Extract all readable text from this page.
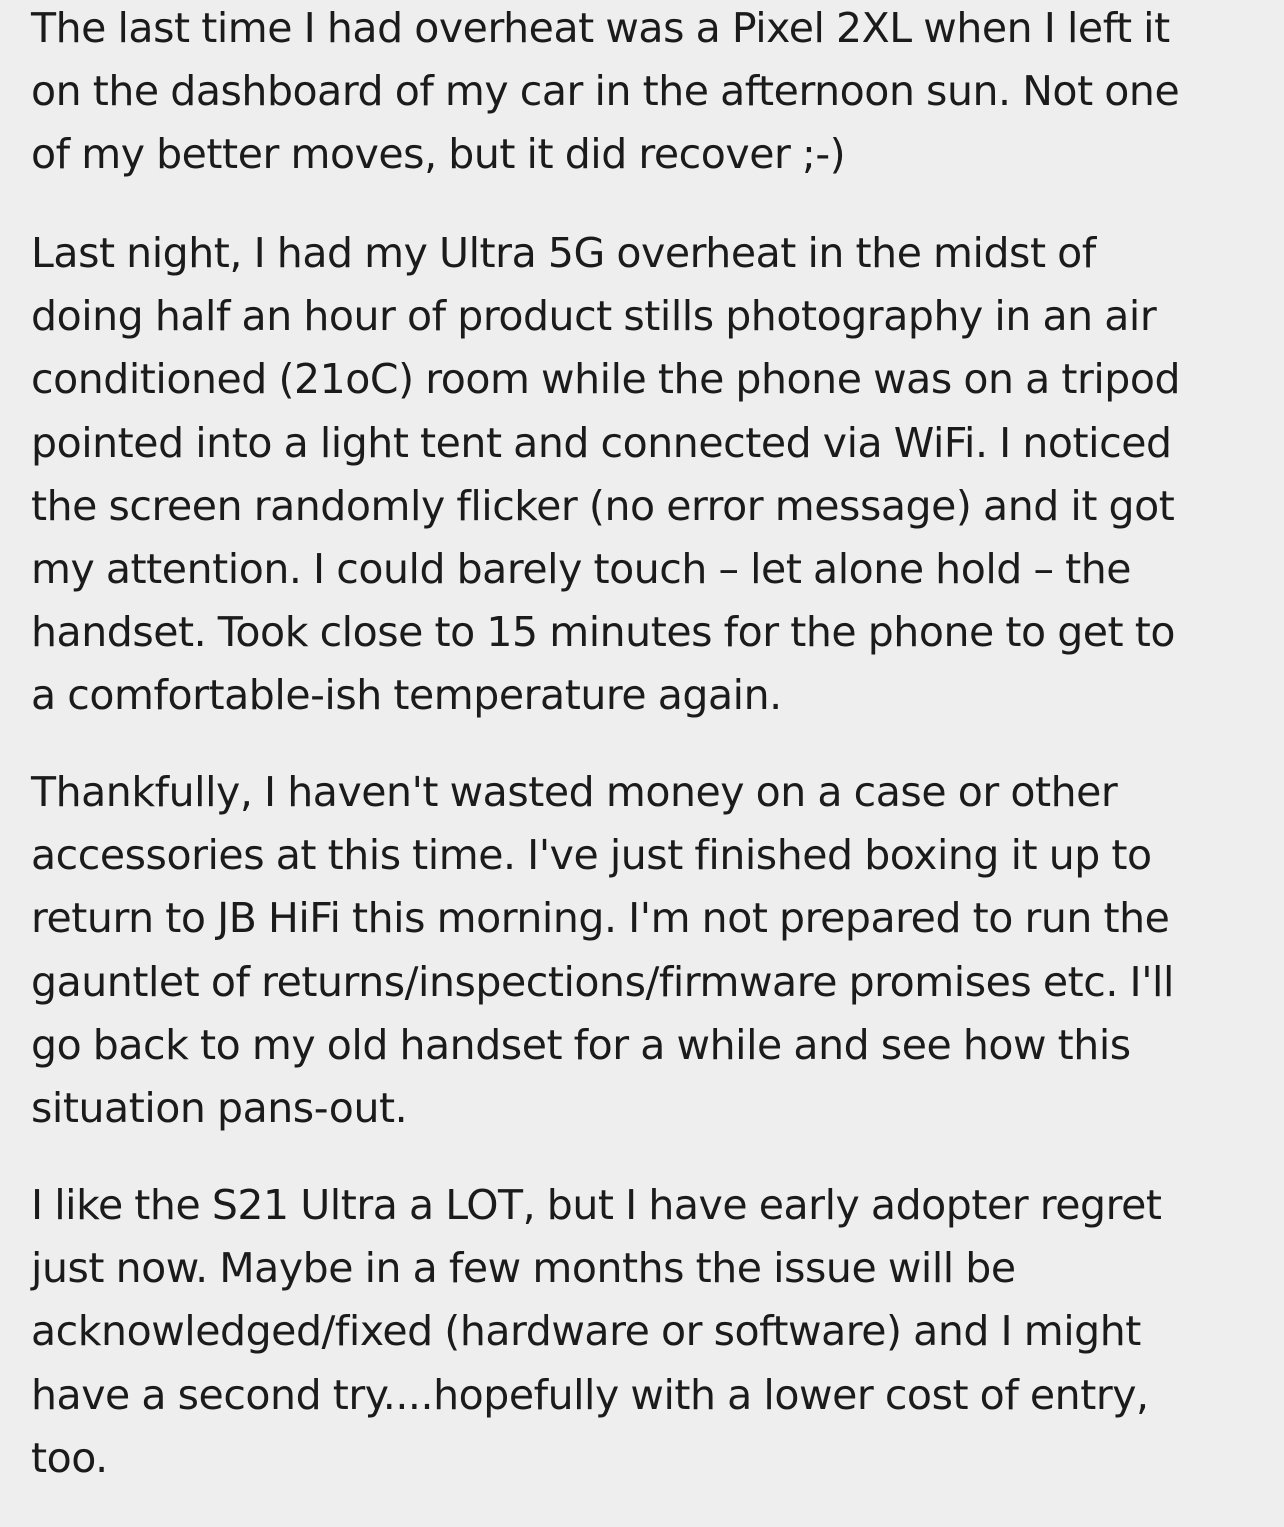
The last time I had overheat was a Pixel 2XL when I left it
on the dashboard of my car in the afternoon sun. Not one
of my better moves, but it did recover ;-)

Last night, I had my Ultra 5G overheat in the midst of
doing half an hour of product stills photography in an air
conditioned (21oC) room while the phone was on a tripod
pointed into a light tent and connected via WiFi. I noticed
the screen randomly flicker (no error message) and it got
my attention. I could barely touch – let alone hold – the
handset. Took close to 15 minutes for the phone to get to
a comfortable-ish temperature again.

Thankfully, I haven't wasted money on a case or other
accessories at this time. I've just finished boxing it up to
return to JB HiFi this morning. I'm not prepared to run the
gauntlet of returns/inspections/firmware promises etc. I'll
go back to my old handset for a while and see how this
situation pans-out.

I like the S21 Ultra a LOT, but I have early adopter regret
just now. Maybe in a few months the issue will be
acknowledged/fixed (hardware or software) and I might
have a second try....hopefully with a lower cost of entry,
too.
